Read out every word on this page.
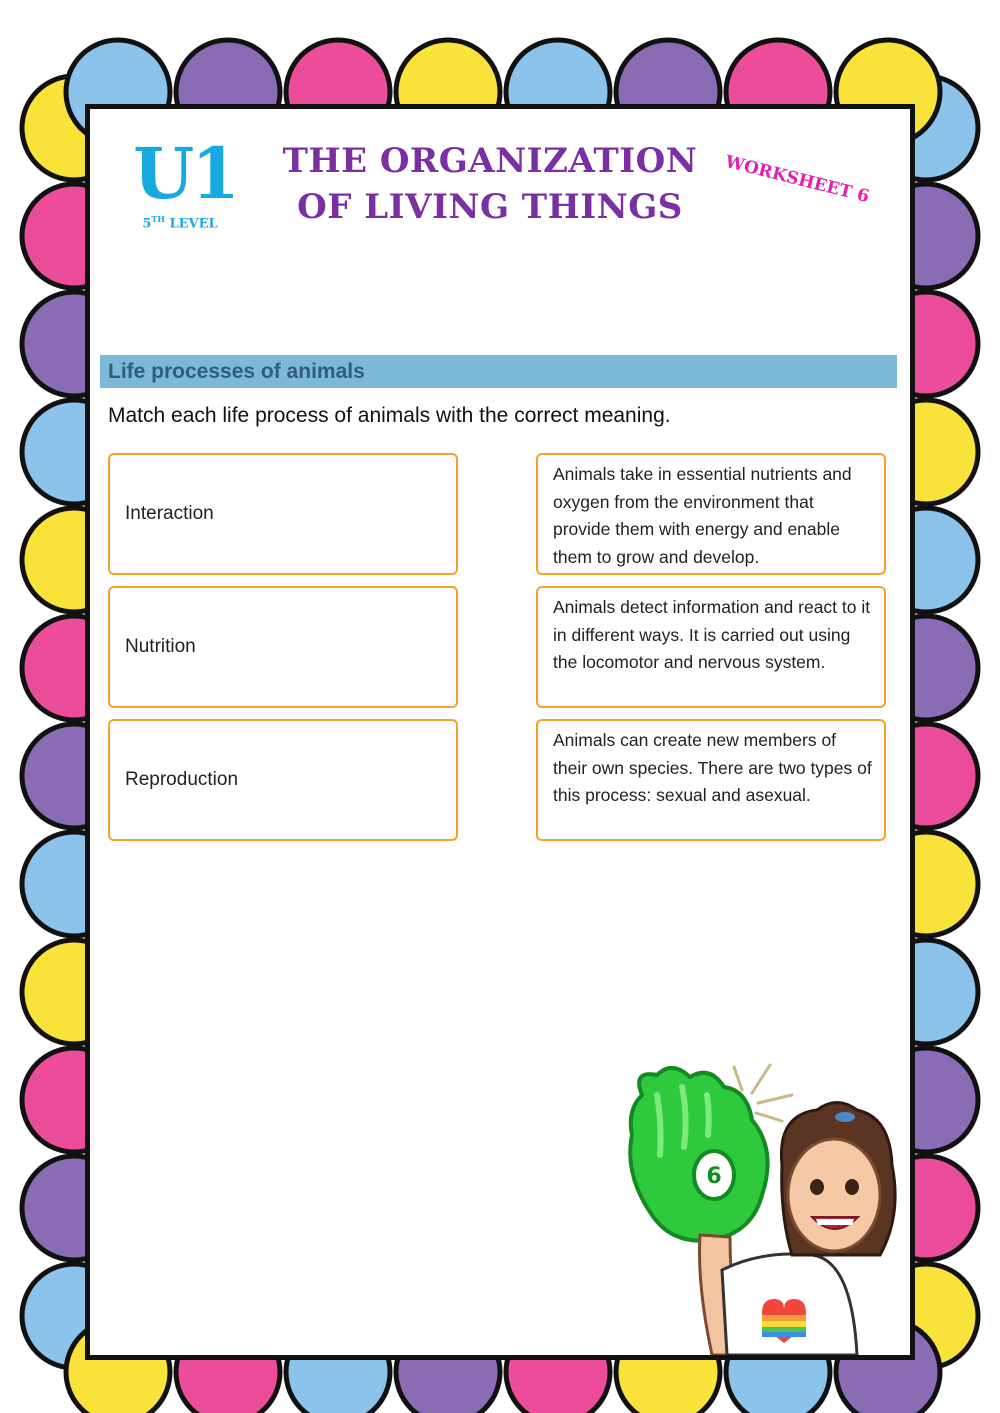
U1
5TH LEVEL
THE ORGANIZATION
OF LIVING THINGS	WORKSHEET 6
Life processes of animals
Match each life process of animals with the correct meaning.
Interaction
Nutrition
Reproduction
Animals take in essential nutrients and oxygen from the environment that provide them with energy and enable them to grow and develop.
Animals detect information and react to it in different ways. It is carried out using the locomotor and nervous system.
Animals can create new members of their own species. There are two types of this process: sexual and asexual.
6
